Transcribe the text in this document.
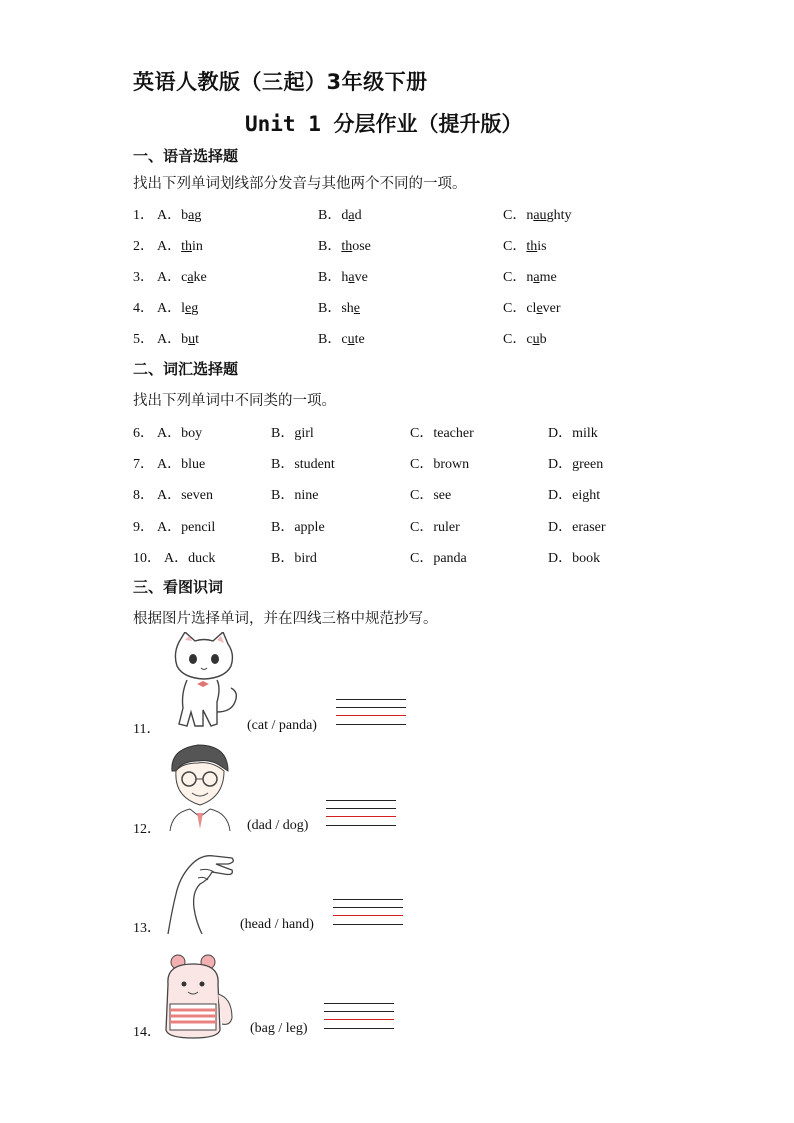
英语人教版（三起）3年级下册
Unit 1 分层作业（提升版）
一、语音选择题
找出下列单词划线部分发音与其他两个不同的一项。
1． A．bag	B．dad	C．naughty
2． A．thin	B．those	C．this
3． A．cake	B．have	C．name
4． A．leg	B．she	C．clever
5． A．but	B．cute	C．cub
二、词汇选择题
找出下列单词中不同类的一项。
6． A．boy	B．girl	C．teacher	D．milk
7． A．blue	B．student	C．brown	D．green
8． A．seven	B．nine	C．see	D．eight
9． A．pencil	B．apple	C．ruler	D．eraser
10． A．duck	B．bird	C．panda	D．book
三、看图识词
根据图片选择单词，并在四线三格中规范抄写。
11．	(cat / panda)
12．	(dad / dog)
13．	(head / hand)
14．	(bag / leg)
